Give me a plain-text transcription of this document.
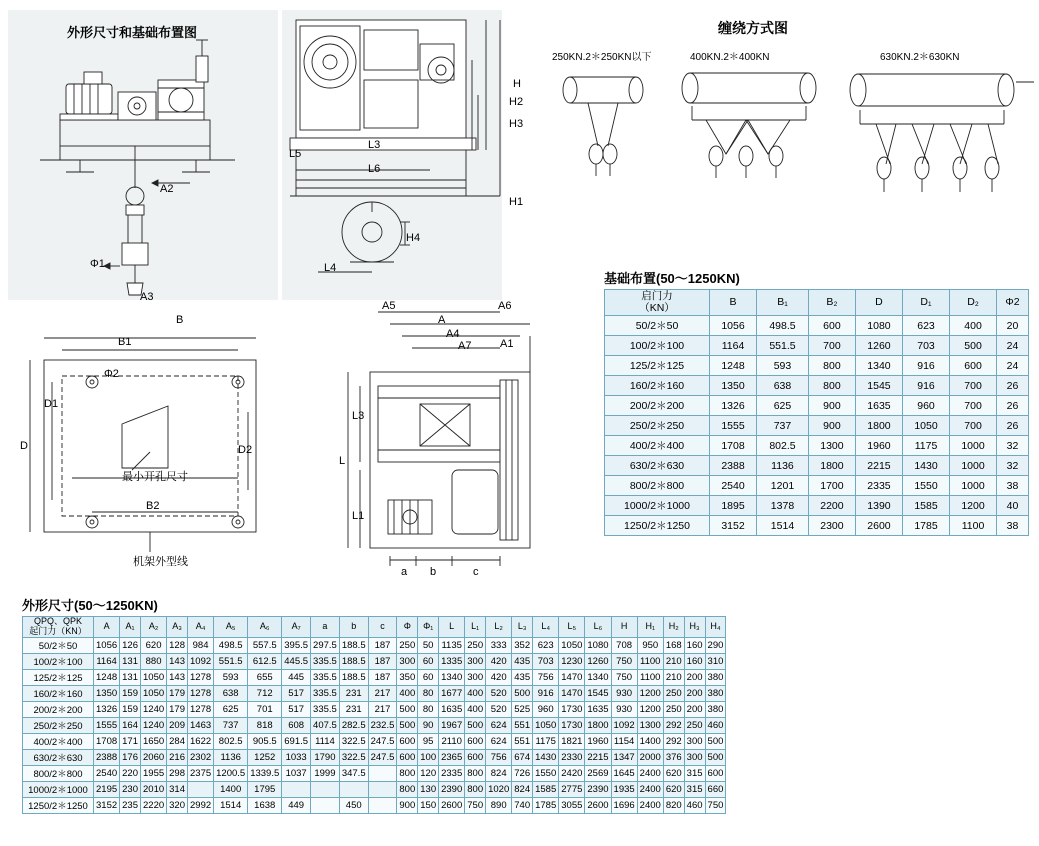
外形尺寸和基础布置图
A2
Φ1
A3
L5
L6
L3
L4
H
H2
H3
H1
H4
B
B1
B2
D
D1
D2
Φ2
最小开孔尺寸
机架外型线
A5	A6
A
A4
A7	A1
L
L1
L3
a b	c
缠绕方式图
250KN.2＊250KN以下	400KN.2＊400KN	630KN.2＊630KN
基础布置(50～1250KN)
启门力
（KN）	B	B₁	B₂	D	D₁	D₂	Φ2
50/2＊50	1056	498.5	600	1080	623	400	20
100/2＊100	1164	551.5	700	1260	703	500	24
125/2＊125	1248	593	800	1340	916	600	24
160/2＊160	1350	638	800	1545	916	700	26
200/2＊200	1326	625	900	1635	960	700	26
250/2＊250	1555	737	900	1800	1050	700	26
400/2＊400	1708	802.5	1300	1960	1175	1000	32
630/2＊630	2388	1136	1800	2215	1430	1000	32
800/2＊800	2540	1201	1700	2335	1550	1000	38
1000/2＊1000	1895	1378	2200	1390	1585	1200	40
1250/2＊1250	3152	1514	2300	2600	1785	1100	38
外形尺寸(50～1250KN)
QPQ、QPK
起门力（KN）	A	A₁	A₂	A₃	A₄	A₅	A₆	A₇	a	b	c	Φ	Φ₁	L	L₁	L₂	L₃	L₄	L₅	L₆	H	H₁	H₂	H₃	H₄
50/2＊50	1056	126	620	128	984	498.5	557.5	395.5	297.5	188.5	187	250	50	1135	250	333	352	623	1050	1080	708	950	168	160	290
100/2＊100	1164	131	880	143	1092	551.5	612.5	445.5	335.5	188.5	187	300	60	1335	300	420	435	703	1230	1260	750	1100	210	160	310
125/2＊125	1248	131	1050	143	1278	593	655	445	335.5	188.5	187	350	60	1340	300	420	435	756	1470	1340	750	1100	210	200	380
160/2＊160	1350	159	1050	179	1278	638	712	517	335.5	231	217	400	80	1677	400	520	500	916	1470	1545	930	1200	250	200	380
200/2＊200	1326	159	1240	179	1278	625	701	517	335.5	231	217	500	80	1635	400	520	525	960	1730	1635	930	1200	250	200	380
250/2＊250	1555	164	1240	209	1463	737	818	608	407.5	282.5	232.5	500	90	1967	500	624	551	1050	1730	1800	1092	1300	292	250	460
400/2＊400	1708	171	1650	284	1622	802.5	905.5	691.5	1114	322.5	247.5	600	95	2110	600	624	551	1175	1821	1960	1154	1400	292	300	500
630/2＊630	2388	176	2060	216	2302	1136	1252	1033	1790	322.5	247.5	600	100	2365	600	756	674	1430	2330	2215	1347	2000	376	300	500
800/2＊800	2540	220	1955	298	2375	1200.5	1339.5	1037	1999	347.5		800	120	2335	800	824	726	1550	2420	2569	1645	2400	620	315	600
1000/2＊1000	2195	230	2010	314		1400	1795					800	130	2390	800	1020	824	1585	2775	2390	1935	2400	620	315	660
1250/2＊1250	3152	235	2220	320	2992	1514	1638	449		450		900	150	2600	750	890	740	1785	3055	2600	1696	2400	820	460	750
